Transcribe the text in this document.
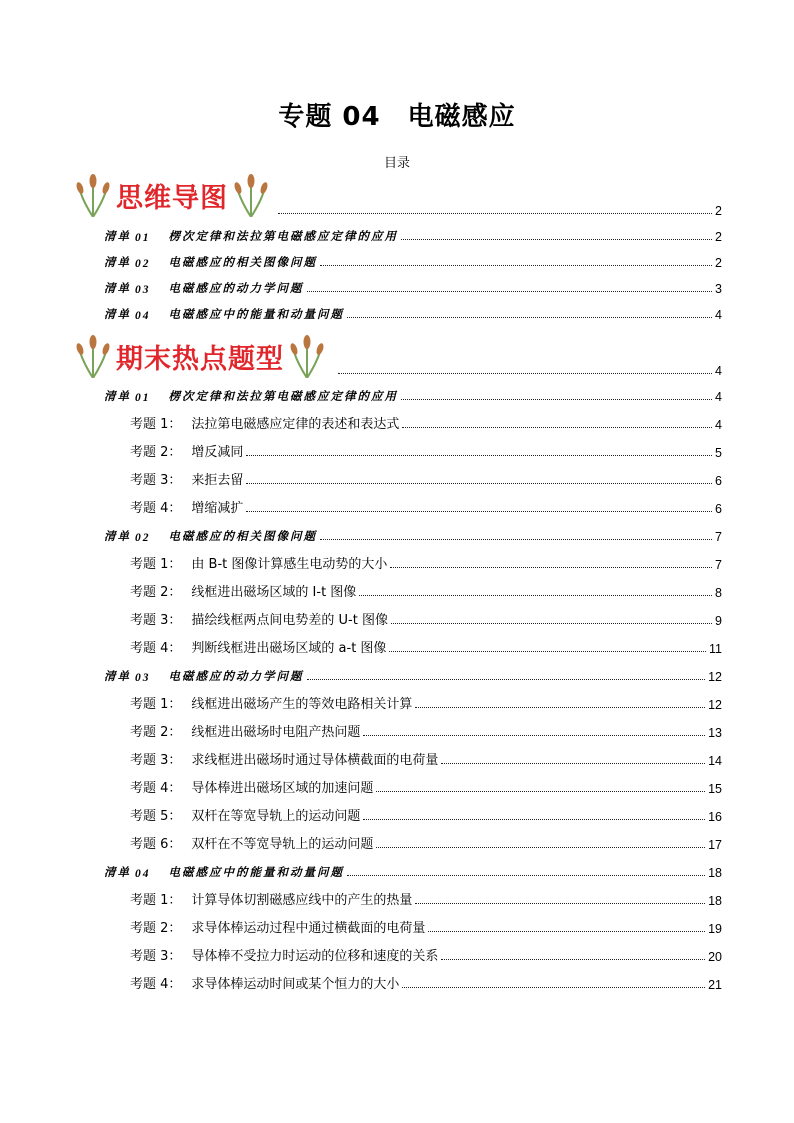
专题 04　电磁感应
目录
思维导图	2
清单 01 楞次定律和法拉第电磁感应定律的应用	2
清单 02 电磁感应的相关图像问题	2
清单 03 电磁感应的动力学问题	3
清单 04 电磁感应中的能量和动量问题	4
期末热点题型	4
清单 01 楞次定律和法拉第电磁感应定律的应用	4
考题 1： 法拉第电磁感应定律的表述和表达式	4
考题 2： 增反减同	5
考题 3： 来拒去留	6
考题 4： 增缩减扩	6
清单 02 电磁感应的相关图像问题	7
考题 1： 由 B-t 图像计算感生电动势的大小	7
考题 2： 线框进出磁场区域的 I-t 图像	8
考题 3： 描绘线框两点间电势差的 U-t 图像	9
考题 4： 判断线框进出磁场区域的 a-t 图像	11
清单 03 电磁感应的动力学问题	12
考题 1： 线框进出磁场产生的等效电路相关计算	12
考题 2： 线框进出磁场时电阻产热问题	13
考题 3： 求线框进出磁场时通过导体横截面的电荷量	14
考题 4： 导体棒进出磁场区域的加速问题	15
考题 5： 双杆在等宽导轨上的运动问题	16
考题 6： 双杆在不等宽导轨上的运动问题	17
清单 04 电磁感应中的能量和动量问题	18
考题 1： 计算导体切割磁感应线中的产生的热量	18
考题 2： 求导体棒运动过程中通过横截面的电荷量	19
考题 3： 导体棒不受拉力时运动的位移和速度的关系	20
考题 4： 求导体棒运动时间或某个恒力的大小	21
